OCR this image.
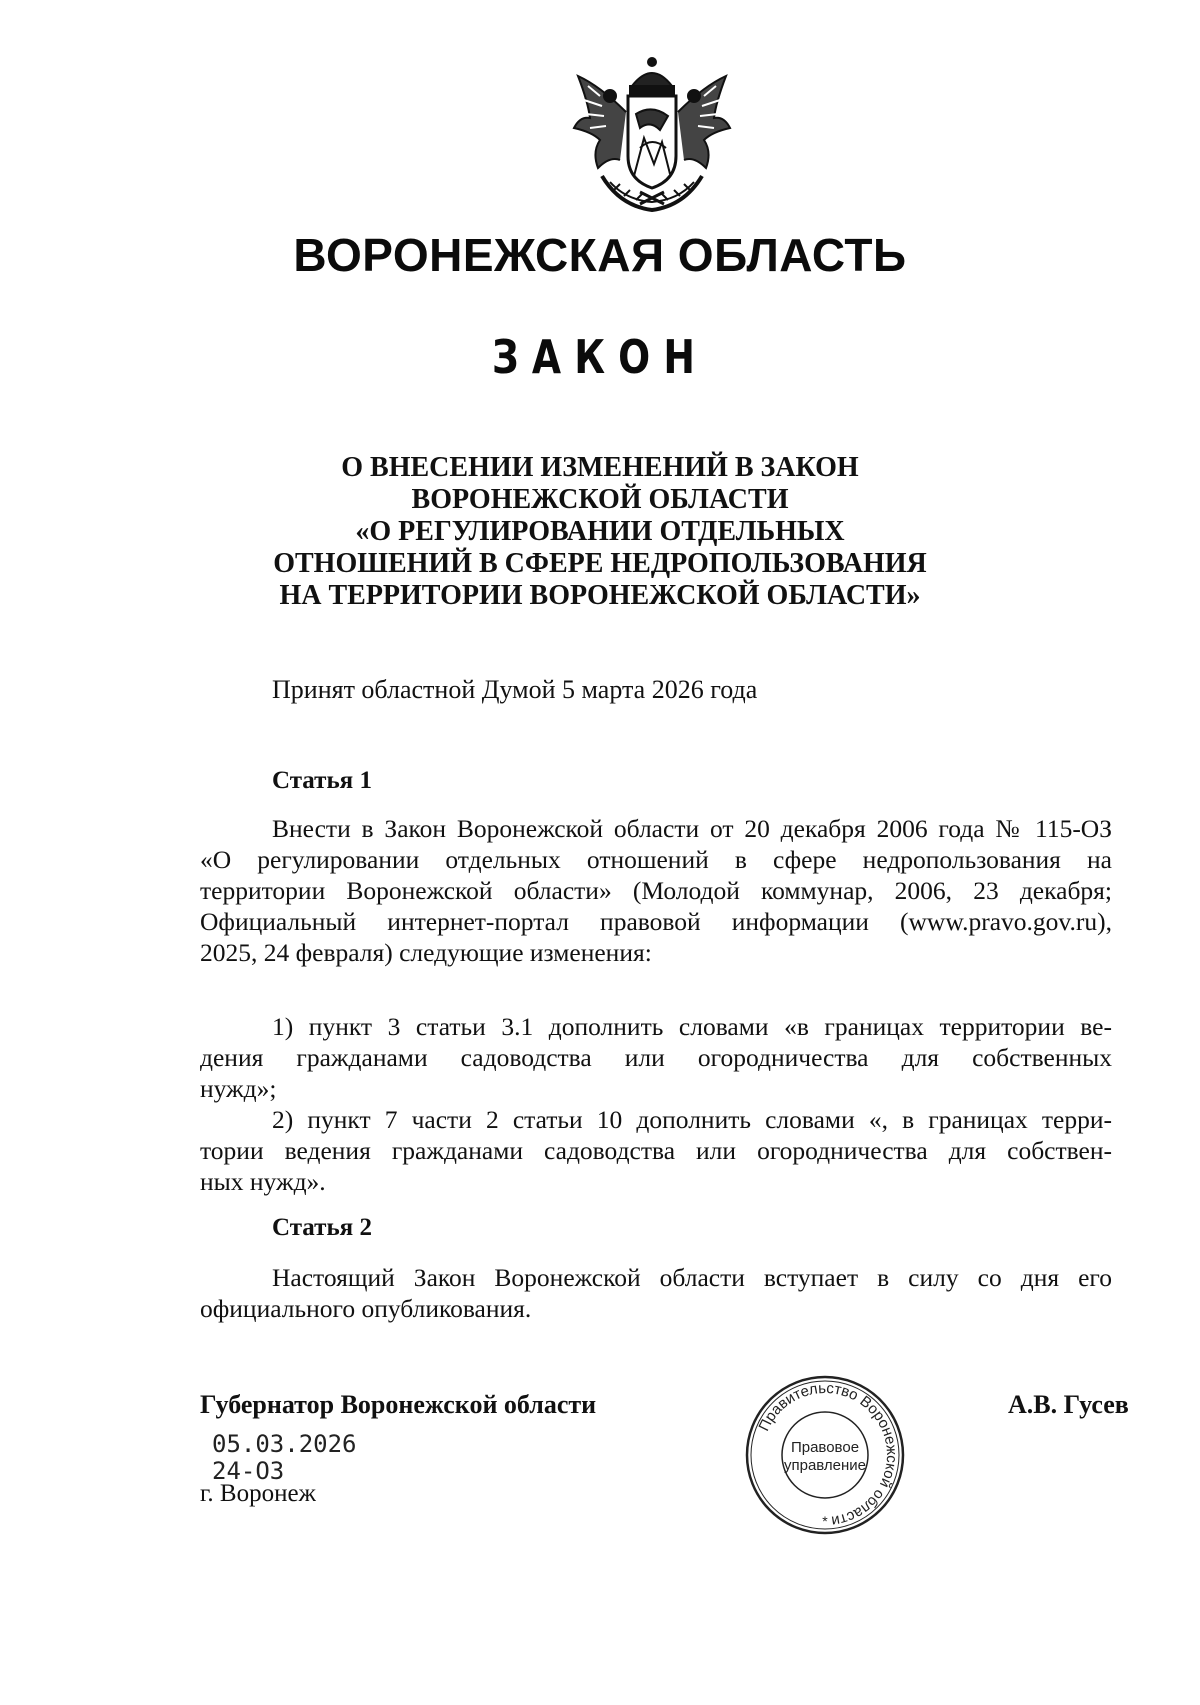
ВОРОНЕЖСКАЯ ОБЛАСТЬ
ЗАКОН
О ВНЕСЕНИИ ИЗМЕНЕНИЙ В ЗАКОН
ВОРОНЕЖСКОЙ ОБЛАСТИ
«О РЕГУЛИРОВАНИИ ОТДЕЛЬНЫХ
ОТНОШЕНИЙ В СФЕРЕ НЕДРОПОЛЬЗОВАНИЯ
НА ТЕРРИТОРИИ ВОРОНЕЖСКОЙ ОБЛАСТИ»
Принят областной Думой 5 марта 2026 года
Статья 1
Внести в Закон Воронежской области от 20 декабря 2006 года № 115-ОЗ
«О регулировании отдельных отношений в сфере недропользования на
территории Воронежской области» (Молодой коммунар, 2006, 23 декабря;
Официальный интернет-портал правовой информации (www.pravo.gov.ru),
2025, 24 февраля) следующие изменения:
1) пункт 3 статьи 3.1 дополнить словами «в границах территории ве-
дения гражданами садоводства или огородничества для собственных
нужд»;
2) пункт 7 части 2 статьи 10 дополнить словами «, в границах терри-
тории ведения гражданами садоводства или огородничества для собствен-
ных нужд».
Статья 2
Настоящий Закон Воронежской области вступает в силу со дня его
официального опубликования.
Губернатор Воронежской области	А.В. Гусев
05.03.2026
24-ОЗ
г. Воронеж
Правительство Воронежской области
Правовое
управление
*
